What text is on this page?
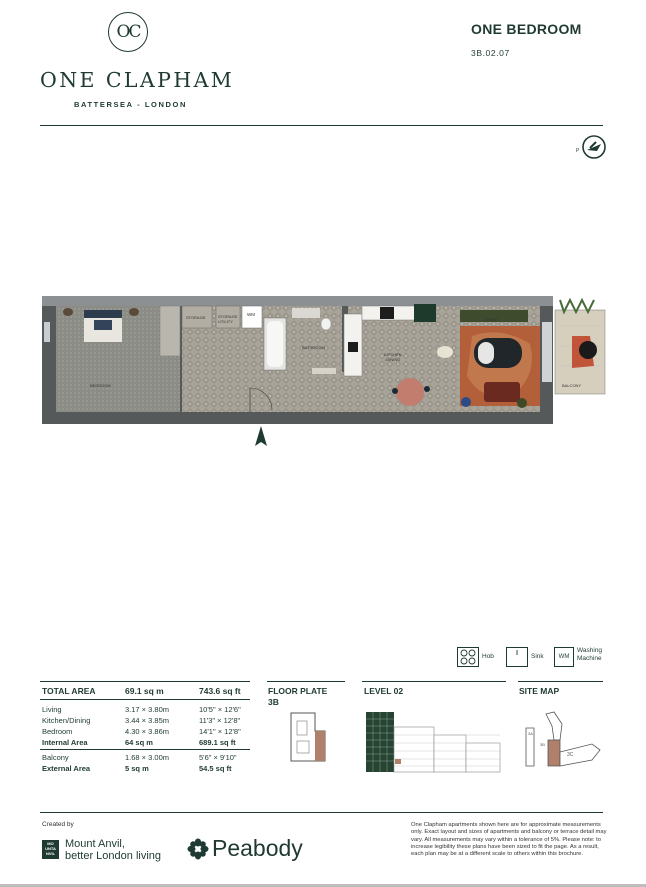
OC
ONE CLAPHAM
BATTERSEA - LONDON
ONE BEDROOM
3B.02.07
P
BEDROOM
STORAGE	STORAGE
UTILITY
WM
BATHROOM
KITCHEN
/DINING
LIVING
BALCONY
Hob	Sink	WM
Washing
Machine
TOTAL AREA	69.1 sq m	743.6 sq ft
Living	3.17 × 3.80m	10'5" × 12'6"
Kitchen/Dining	3.44 × 3.85m	11'3" × 12'8"
Bedroom	4.30 × 3.86m	14'1" × 12'8"
Internal Area	64 sq m	689.1 sq ft
Balcony	1.68 × 3.00m	5'6" × 9'10"
External Area	5 sq m	54.5 sq ft
FLOOR PLATE
3B
LEVEL 02	SITE MAP
3A
3B
3C
Created by
MO
UNTA
NVIL
Mount Anvil,
better London living Peabody
One Clapham apartments shown here are for approximate measurements only. Exact layout and sizes of apartments and balcony or terrace detail may vary. All measurements may vary within a tolerance of 5%. Please note: to increase legibility these plans have been sized to fit the page. As a result, each plan may be at a different scale to others within this brochure.
